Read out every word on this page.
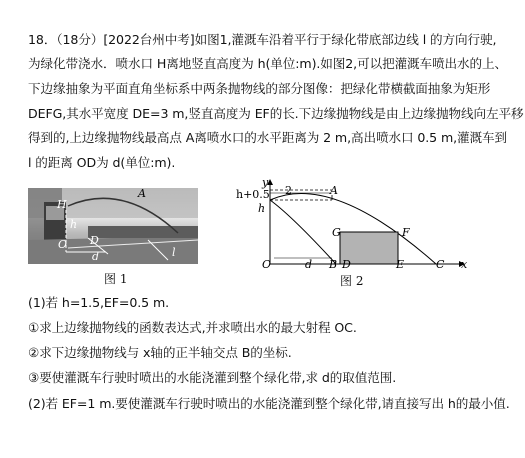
18．（18分）[2022台州中考]如图1,灌溉车沿着平行于绿化带底部边线 l 的方向行驶,
为绿化带浇水．喷水口 H离地竖直高度为 h(单位:m).如图2,可以把灌溉车喷出水的上、
下边缘抽象为平面直角坐标系中两条抛物线的部分图像：把绿化带横截面抽象为矩形
DEFG,其水平宽度 DE=3 m,竖直高度为 EF的长.下边缘抛物线是由上边缘抛物线向左平移
得到的,上边缘抛物线最高点 A离喷水口的水平距离为 2 m,高出喷水口 0.5 m,灌溉车到
l 的距离 OD为 d(单位:m).
A
H
h
O D
d	l
图 1
y
x
h+0.5
h
2	A
G	F
O	d B D	E	C
图 2
(1)若 h=1.5,EF=0.5 m.
①求上边缘抛物线的函数表达式,并求喷出水的最大射程 OC.
②求下边缘抛物线与 x轴的正半轴交点 B的坐标.
③要使灌溉车行驶时喷出的水能浇灌到整个绿化带,求 d的取值范围.
(2)若 EF=1 m.要使灌溉车行驶时喷出的水能浇灌到整个绿化带,请直接写出 h的最小值.
